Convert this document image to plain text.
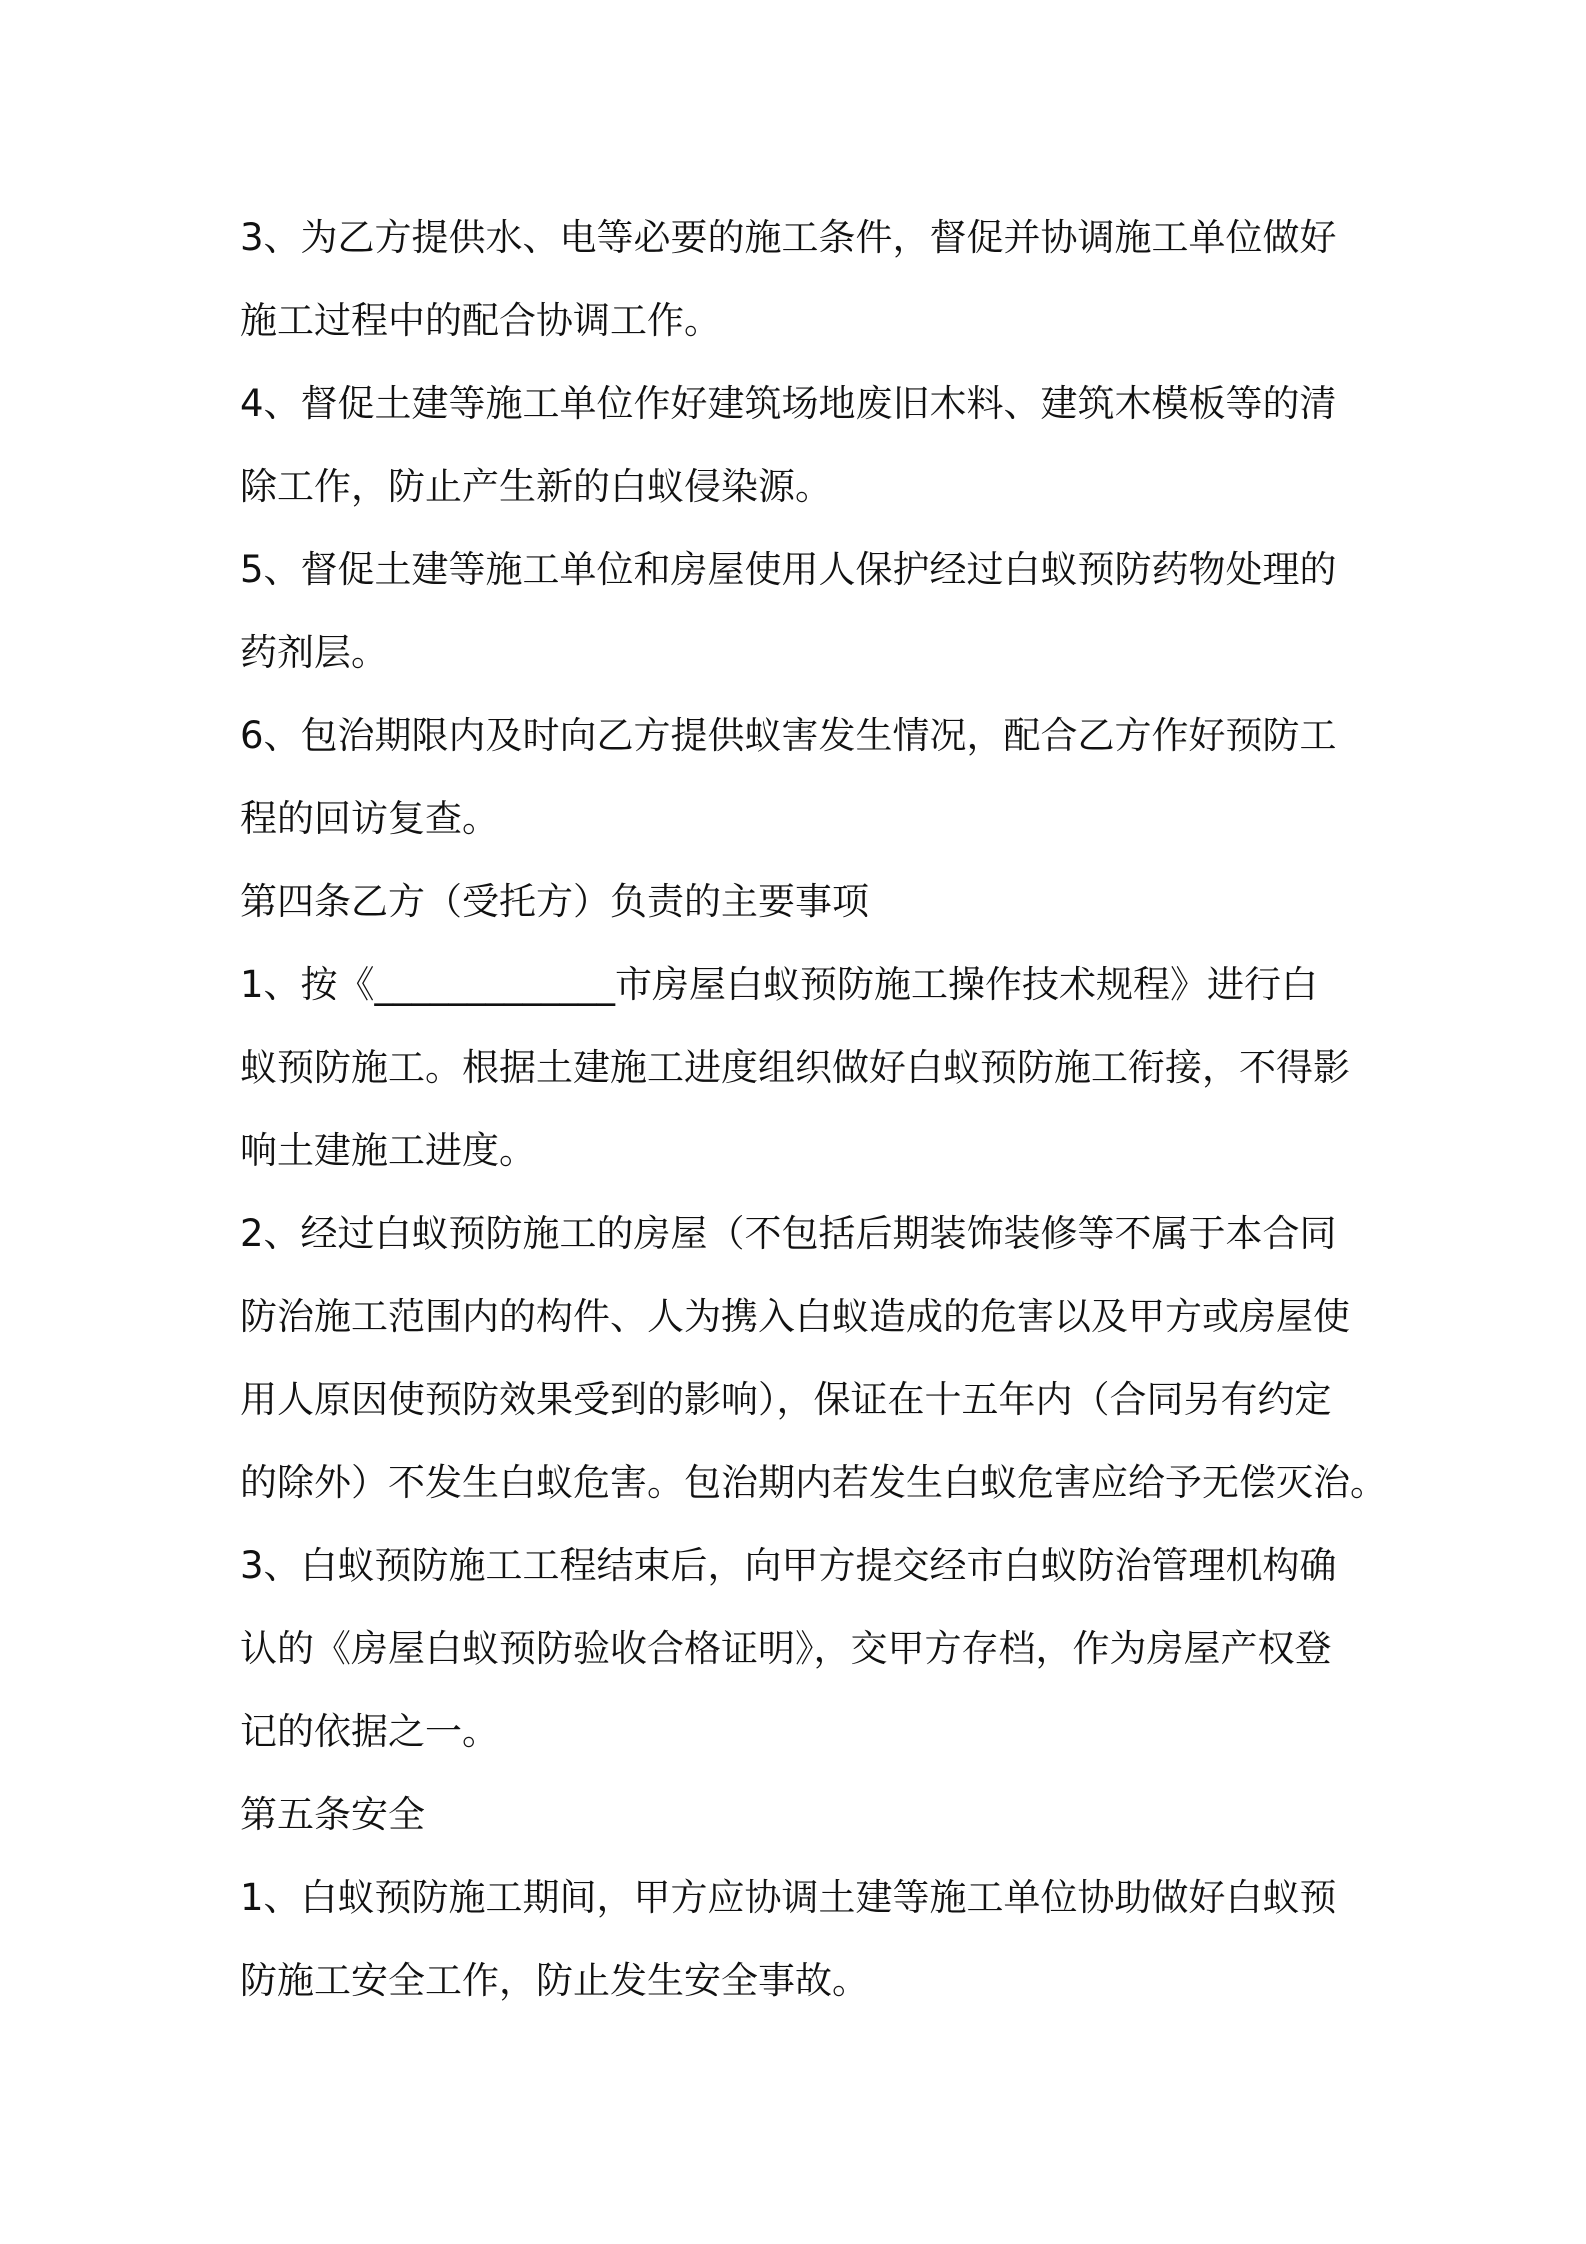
3、为乙方提供水、电等必要的施工条件，督促并协调施工单位做好
施工过程中的配合协调工作。
4、督促土建等施工单位作好建筑场地废旧木料、建筑木模板等的清
除工作，防止产生新的白蚁侵染源。
5、督促土建等施工单位和房屋使用人保护经过白蚁预防药物处理的
药剂层。
6、包治期限内及时向乙方提供蚁害发生情况，配合乙方作好预防工
程的回访复查。
第四条乙方（受托方）负责的主要事项
1、按《_____________市房屋白蚁预防施工操作技术规程》进行白
蚁预防施工。根据土建施工进度组织做好白蚁预防施工衔接，不得影
响土建施工进度。
2、经过白蚁预防施工的房屋（不包括后期装饰装修等不属于本合同
防治施工范围内的构件、人为携入白蚁造成的危害以及甲方或房屋使
用人原因使预防效果受到的影响），保证在十五年内（合同另有约定
的除外）不发生白蚁危害。包治期内若发生白蚁危害应给予无偿灭治。
3、白蚁预防施工工程结束后，向甲方提交经市白蚁防治管理机构确
认的《房屋白蚁预防验收合格证明》，交甲方存档，作为房屋产权登
记的依据之一。
第五条安全
1、白蚁预防施工期间，甲方应协调土建等施工单位协助做好白蚁预
防施工安全工作，防止发生安全事故。
